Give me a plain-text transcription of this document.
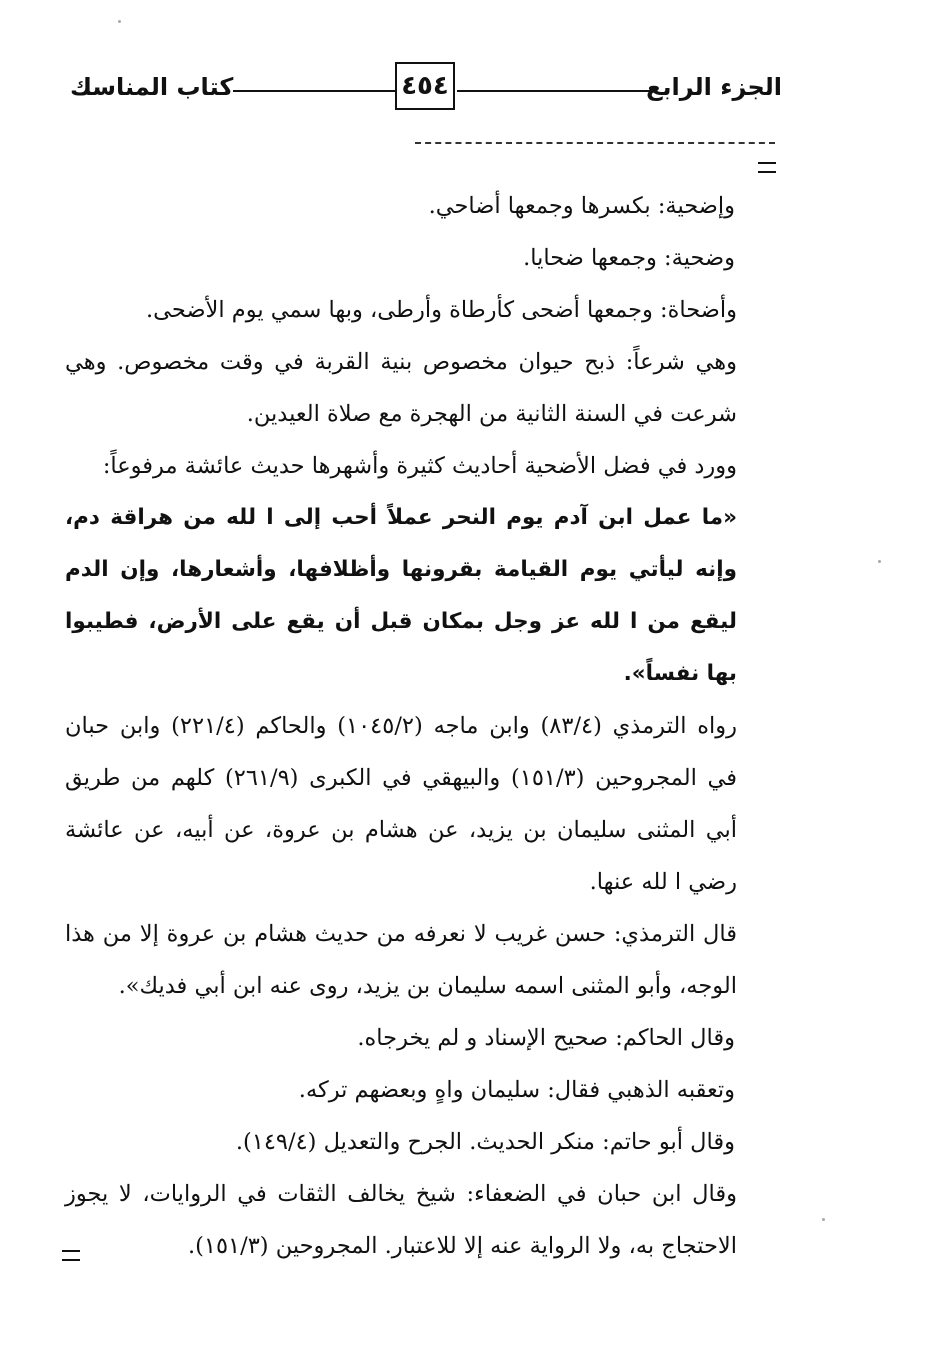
الجزء الرابع
٤٥٤
كتاب المناسك

وإضحية: بكسرها وجمعها أضاحي.

وضحية: وجمعها ضحايا.

وأضحاة: وجمعها أضحى كأرطاة وأرطى، وبها سمي يوم الأضحى.

وهي شرعاً: ذبح حيوان مخصوص بنية القربة في وقت مخصوص. وهي شرعت في السنة الثانية من الهجرة مع صلاة العيدين.

وورد في فضل الأضحية أحاديث كثيرة وأشهرها حديث عائشة مرفوعاً:

«ما عمل ابن آدم يوم النحر عملاً أحب إلى ا لله من هراقة دم، وإنه ليأتي يوم القيامة بقرونها وأظلافها، وأشعارها، وإن الدم ليقع من ا لله عز وجل بمكان قبل أن يقع على الأرض، فطيبوا بها نفساً».

رواه الترمذي (٨٣/٤) وابن ماجه (١٠٤٥/٢) والحاكم (٢٢١/٤) وابن حبان في المجروحين (١٥١/٣) والبيهقي في الكبرى (٢٦١/٩) كلهم من طريق أبي المثنى سليمان بن يزيد، عن هشام بن عروة، عن أبيه، عن عائشة رضي ا لله عنها.

قال الترمذي: حسن غريب لا نعرفه من حديث هشام بن عروة إلا من هذا الوجه، وأبو المثنى اسمه سليمان بن يزيد، روى عنه ابن أبي فديك».

وقال الحاكم: صحيح الإسناد و لم يخرجاه.

وتعقبه الذهبي فقال: سليمان واهٍ وبعضهم تركه.

وقال أبو حاتم: منكر الحديث. الجرح والتعديل (١٤٩/٤).

وقال ابن حبان في الضعفاء: شيخ يخالف الثقات في الروايات، لا يجوز الاحتجاج به، ولا الرواية عنه إلا للاعتبار. المجروحين (١٥١/٣).
